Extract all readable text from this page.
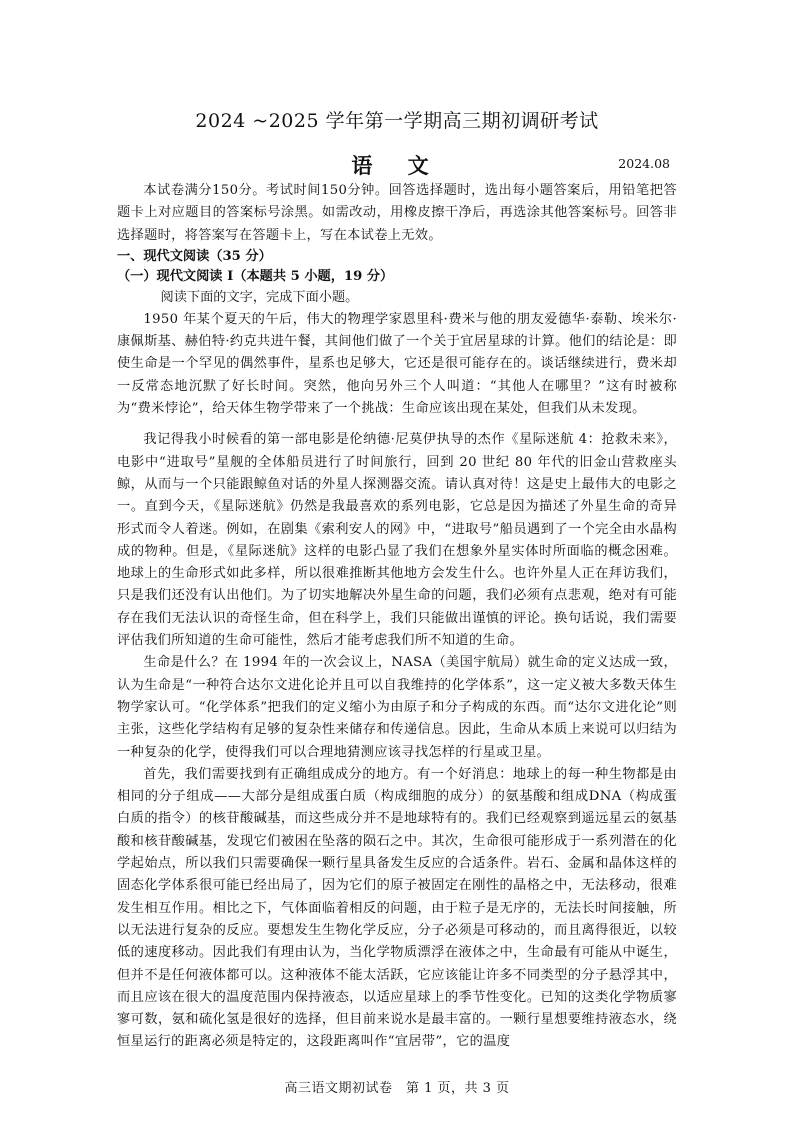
2024 ~2025 学年第一学期高三期初调研考试
语 文	2024.08

本试卷满分150分。考试时间150分钟。回答选择题时，选出每小题答案后，用铅笔把答题卡上对应题目的答案标号涂黑。如需改动，用橡皮擦干净后，再选涂其他答案标号。回答非选择题时，将答案写在答题卡上，写在本试卷上无效。

一、现代文阅读（35 分）

（一）现代文阅读 I（本题共 5 小题，19 分）

阅读下面的文字，完成下面小题。

1950 年某个夏天的午后，伟大的物理学家恩里科·费米与他的朋友爱德华·泰勒、埃米尔·康佩斯基、赫伯特·约克共进午餐，其间他们做了一个关于宜居星球的计算。他们的结论是：即使生命是一个罕见的偶然事件，星系也足够大，它还是很可能存在的。谈话继续进行，费米却一反常态地沉默了好长时间。突然，他向另外三个人叫道：“其他人在哪里？”这有时被称为“费米悖论”，给天体生物学带来了一个挑战：生命应该出现在某处，但我们从未发现。

我记得我小时候看的第一部电影是伦纳德·尼莫伊执导的杰作《星际迷航 4：抢救未来》，电影中“进取号”星舰的全体船员进行了时间旅行，回到 20 世纪 80 年代的旧金山营救座头鲸，从而与一个只能跟鲸鱼对话的外星人探测器交流。请认真对待！这是史上最伟大的电影之一。直到今天，《星际迷航》仍然是我最喜欢的系列电影，它总是因为描述了外星生命的奇异形式而令人着迷。例如，在剧集《索利安人的网》中，“进取号”船员遇到了一个完全由水晶构成的物种。但是，《星际迷航》这样的电影凸显了我们在想象外星实体时所面临的概念困难。地球上的生命形式如此多样，所以很难推断其他地方会发生什么。也许外星人正在拜访我们，只是我们还没有认出他们。为了切实地解决外星生命的问题，我们必须有点悲观，绝对有可能存在我们无法认识的奇怪生命，但在科学上，我们只能做出谨慎的评论。换句话说，我们需要评估我们所知道的生命可能性，然后才能考虑我们所不知道的生命。

生命是什么？在 1994 年的一次会议上，NASA（美国宇航局）就生命的定义达成一致，认为生命是“一种符合达尔文进化论并且可以自我维持的化学体系”，这一定义被大多数天体生物学家认可。“化学体系”把我们的定义缩小为由原子和分子构成的东西。而“达尔文进化论”则主张，这些化学结构有足够的复杂性来储存和传递信息。因此，生命从本质上来说可以归结为一种复杂的化学，使得我们可以合理地猜测应该寻找怎样的行星或卫星。

首先，我们需要找到有正确组成成分的地方。有一个好消息：地球上的每一种生物都是由相同的分子组成——大部分是组成蛋白质（构成细胞的成分）的氨基酸和组成DNA（构成蛋白质的指令）的核苷酸碱基，而这些成分并不是地球特有的。我们已经观察到遥远星云的氨基酸和核苷酸碱基，发现它们被困在坠落的陨石之中。其次，生命很可能形成于一系列潜在的化学起始点，所以我们只需要确保一颗行星具备发生反应的合适条件。岩石、金属和晶体这样的固态化学体系很可能已经出局了，因为它们的原子被固定在刚性的晶格之中，无法移动，很难发生相互作用。相比之下，气体面临着相反的问题，由于粒子是无序的，无法长时间接触，所以无法进行复杂的反应。要想发生生物化学反应，分子必须是可移动的，而且离得很近，以较低的速度移动。因此我们有理由认为，当化学物质漂浮在液体之中，生命最有可能从中诞生，但并不是任何液体都可以。这种液体不能太活跃，它应该能让许多不同类型的分子悬浮其中，而且应该在很大的温度范围内保持液态，以适应星球上的季节性变化。已知的这类化学物质寥寥可数，氨和硫化氢是很好的选择，但目前来说水是最丰富的。一颗行星想要维持液态水，绕恒星运行的距离必须是特定的，这段距离叫作“宜居带”，它的温度

高三语文期初试卷　第 1 页，共 3 页
